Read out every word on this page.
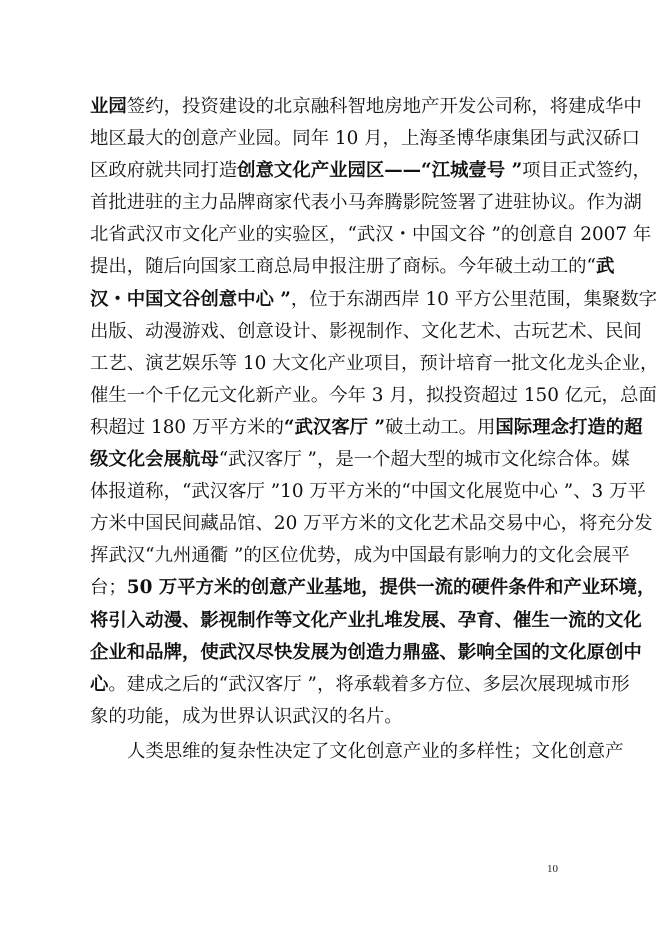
业园签约，投资建设的北京融科智地房地产开发公司称，将建成华中
地区最大的创意产业园。同年 10 月，上海圣博华康集团与武汉硚口
区政府就共同打造创意文化产业园区——“江城壹号 ”项目正式签约，
首批进驻的主力品牌商家代表小马奔腾影院签署了进驻协议。作为湖
北省武汉市文化产业的实验区，“武汉・中国文谷 ”的创意自 2007 年
提出，随后向国家工商总局申报注册了商标。今年破土动工的“武
汉・中国文谷创意中心 ”，位于东湖西岸 10 平方公里范围，集聚数字
出版、动漫游戏、创意设计、影视制作、文化艺术、古玩艺术、民间
工艺、演艺娱乐等 10 大文化产业项目，预计培育一批文化龙头企业，
催生一个千亿元文化新产业。今年 3 月，拟投资超过 150 亿元，总面
积超过 180 万平方米的“武汉客厅 ”破土动工。用国际理念打造的超
级文化会展航母“武汉客厅 ”，是一个超大型的城市文化综合体。媒
体报道称，“武汉客厅 ”10 万平方米的“中国文化展览中心 ”、3 万平
方米中国民间藏品馆、20 万平方米的文化艺术品交易中心，将充分发
挥武汉“九州通衢 ”的区位优势，成为中国最有影响力的文化会展平
台；50 万平方米的创意产业基地，提供一流的硬件条件和产业环境，
将引入动漫、影视制作等文化产业扎堆发展、孕育、催生一流的文化
企业和品牌，使武汉尽快发展为创造力鼎盛、影响全国的文化原创中
心。建成之后的“武汉客厅 ”，将承载着多方位、多层次展现城市形
象的功能，成为世界认识武汉的名片。
人类思维的复杂性决定了文化创意产业的多样性；文化创意产
10
